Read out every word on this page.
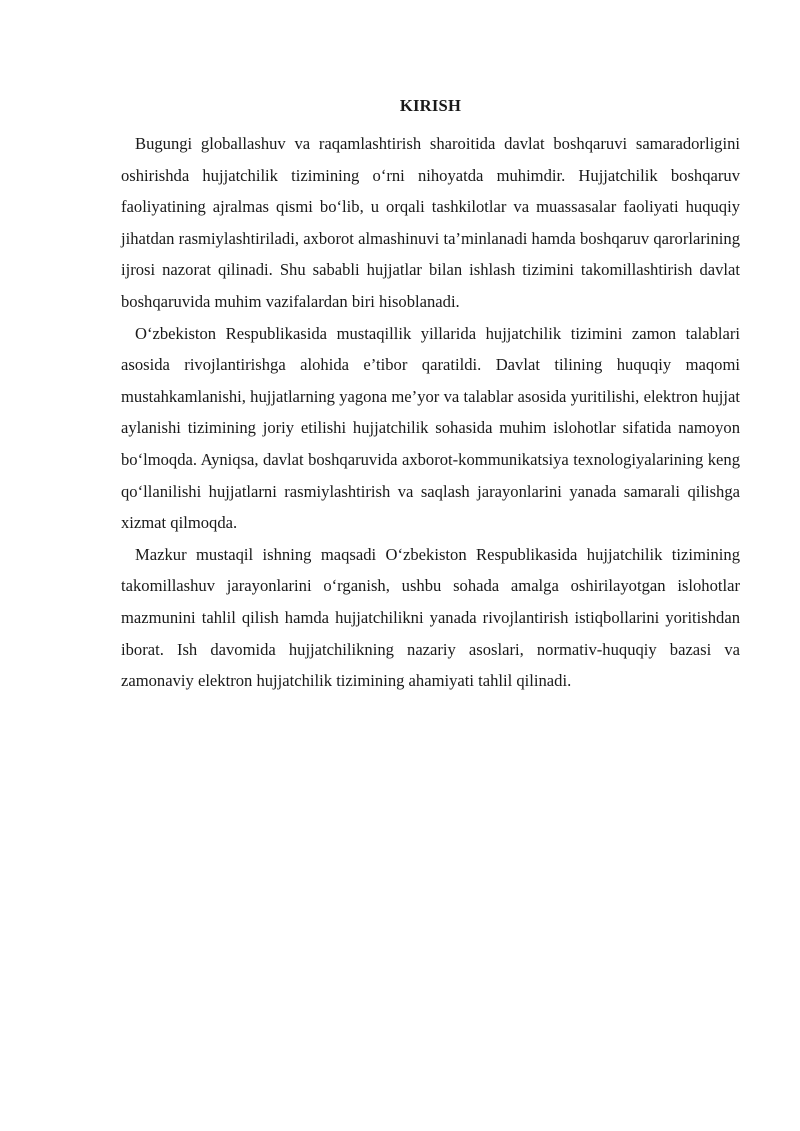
KIRISH

Bugungi globallashuv va raqamlashtirish sharoitida davlat boshqaruvi samaradorligini oshirishda hujjatchilik tizimining o‘rni nihoyatda muhimdir. Hujjatchilik boshqaruv faoliyatining ajralmas qismi bo‘lib, u orqali tashkilotlar va muassasalar faoliyati huquqiy jihatdan rasmiylashtiriladi, axborot almashinuvi ta’minlanadi hamda boshqaruv qarorlarining ijrosi nazorat qilinadi. Shu sababli hujjatlar bilan ishlash tizimini takomillashtirish davlat boshqaruvida muhim vazifalardan biri hisoblanadi.

O‘zbekiston Respublikasida mustaqillik yillarida hujjatchilik tizimini zamon talablari asosida rivojlantirishga alohida e’tibor qaratildi. Davlat tilining huquqiy maqomi mustahkamlanishi, hujjatlarning yagona me’yor va talablar asosida yuritilishi, elektron hujjat aylanishi tizimining joriy etilishi hujjatchilik sohasida muhim islohotlar sifatida namoyon bo‘lmoqda. Ayniqsa, davlat boshqaruvida axborot-kommunikatsiya texnologiyalarining keng qo‘llanilishi hujjatlarni rasmiylashtirish va saqlash jarayonlarini yanada samarali qilishga xizmat qilmoqda.

Mazkur mustaqil ishning maqsadi O‘zbekiston Respublikasida hujjatchilik tizimining takomillashuv jarayonlarini o‘rganish, ushbu sohada amalga oshirilayotgan islohotlar mazmunini tahlil qilish hamda hujjatchilikni yanada rivojlantirish istiqbollarini yoritishdan iborat. Ish davomida hujjatchilikning nazariy asoslari, normativ-huquqiy bazasi va zamonaviy elektron hujjatchilik tizimining ahamiyati tahlil qilinadi.
